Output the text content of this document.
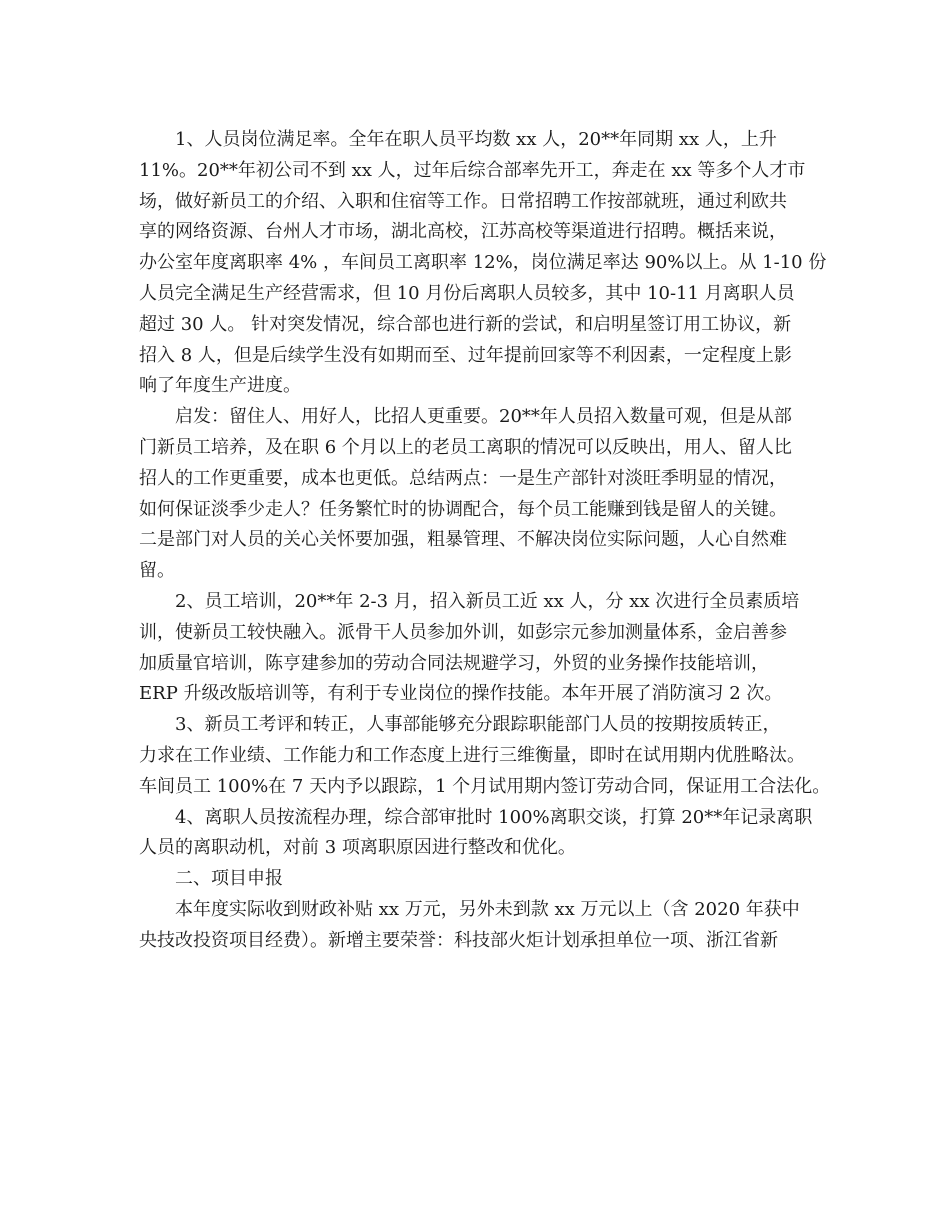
1、人员岗位满足率。全年在职人员平均数 xx 人，20**年同期 xx 人，上升
11%。20**年初公司不到 xx 人，过年后综合部率先开工，奔走在 xx 等多个人才市
场，做好新员工的介绍、入职和住宿等工作。日常招聘工作按部就班，通过利欧共
享的网络资源、台州人才市场，湖北高校，江苏高校等渠道进行招聘。概括来说，
办公室年度离职率 4% ，车间员工离职率 12%，岗位满足率达 90%以上。从 1-10 份
人员完全满足生产经营需求，但 10 月份后离职人员较多，其中 10-11 月离职人员
超过 30 人。 针对突发情况，综合部也进行新的尝试，和启明星签订用工协议，新
招入 8 人，但是后续学生没有如期而至、过年提前回家等不利因素，一定程度上影
响了年度生产进度。
启发：留住人、用好人，比招人更重要。20**年人员招入数量可观，但是从部
门新员工培养，及在职 6 个月以上的老员工离职的情况可以反映出，用人、留人比
招人的工作更重要，成本也更低。总结两点：一是生产部针对淡旺季明显的情况，
如何保证淡季少走人？任务繁忙时的协调配合，每个员工能赚到钱是留人的关键。
二是部门对人员的关心关怀要加强，粗暴管理、不解决岗位实际问题，人心自然难
留。
2、员工培训，20**年 2-3 月，招入新员工近 xx 人，分 xx 次进行全员素质培
训，使新员工较快融入。派骨干人员参加外训，如彭宗元参加测量体系，金启善参
加质量官培训，陈亨建参加的劳动合同法规避学习，外贸的业务操作技能培训，
ERP 升级改版培训等，有利于专业岗位的操作技能。本年开展了消防演习 2 次。
3、新员工考评和转正，人事部能够充分跟踪职能部门人员的按期按质转正，
力求在工作业绩、工作能力和工作态度上进行三维衡量，即时在试用期内优胜略汰。
车间员工 100%在 7 天内予以跟踪，1 个月试用期内签订劳动合同，保证用工合法化。
4、离职人员按流程办理，综合部审批时 100%离职交谈，打算 20**年记录离职
人员的离职动机，对前 3 项离职原因进行整改和优化。
二、项目申报
本年度实际收到财政补贴 xx 万元，另外未到款 xx 万元以上（含 2020 年获中
央技改投资项目经费）。新增主要荣誉：科技部火炬计划承担单位一项、浙江省新
